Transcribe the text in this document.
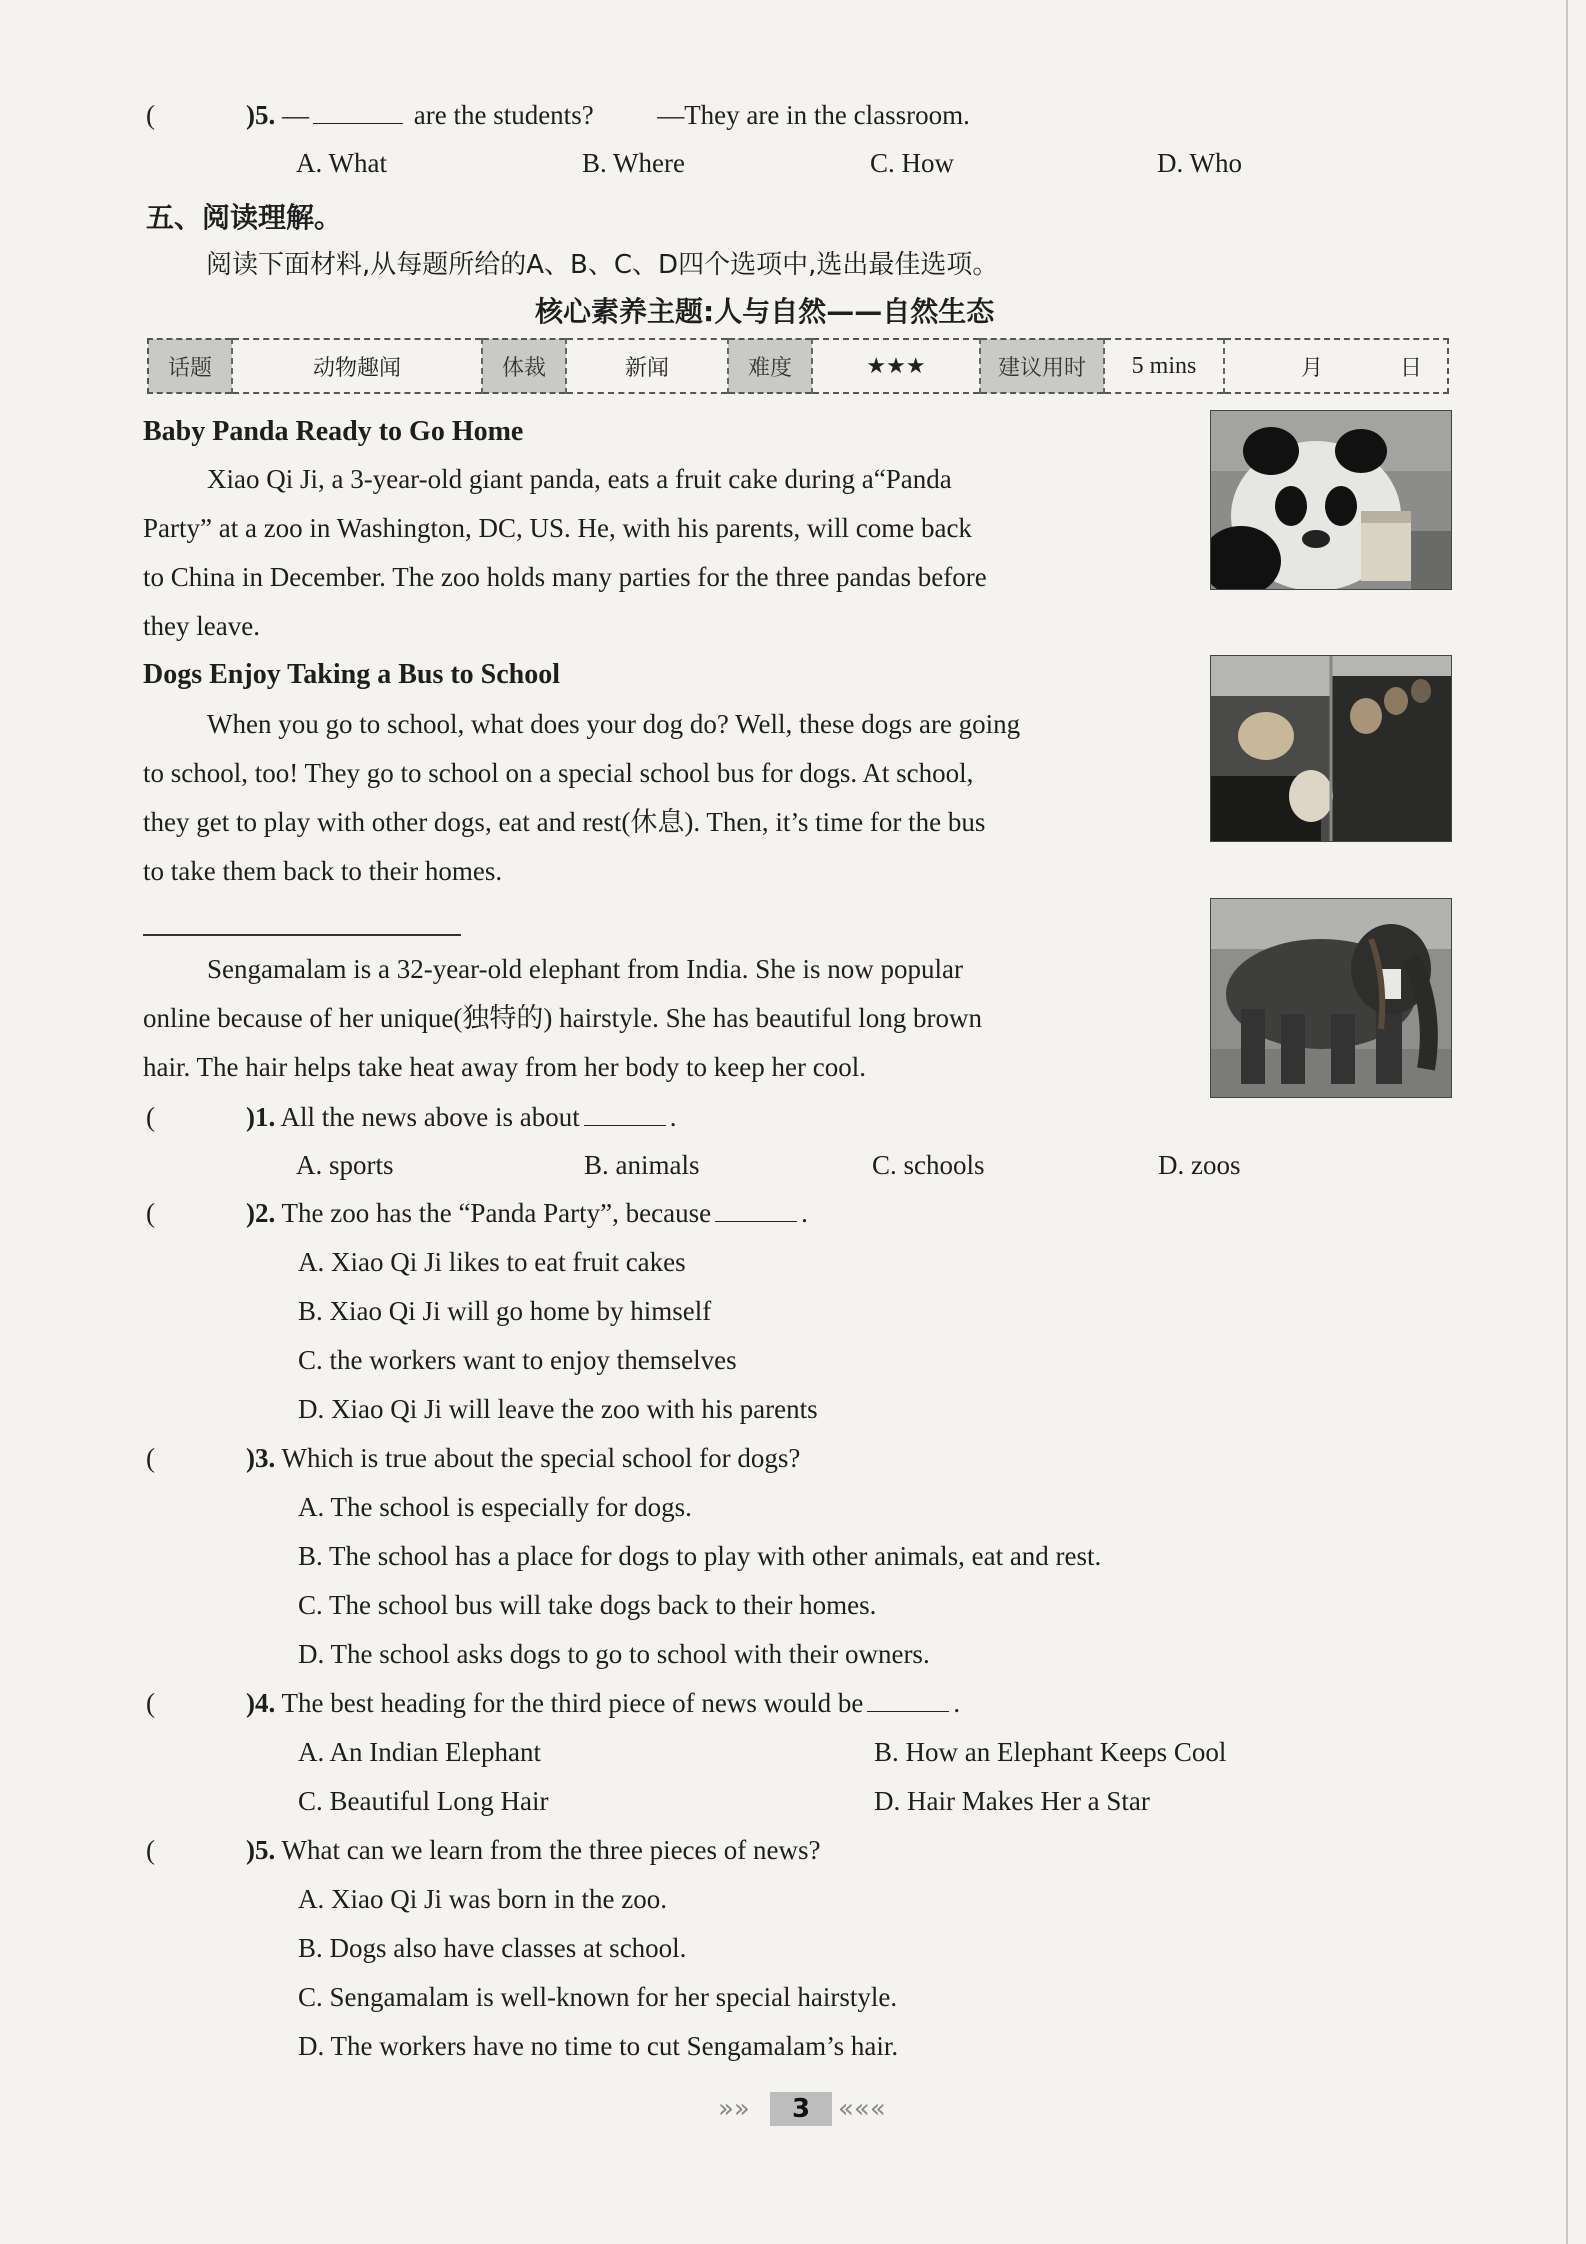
(	)5. —	are the students? —They are in the classroom.
A. What	B. Where	C. How	D. Who
五、阅读理解。
阅读下面材料,从每题所给的A、B、C、D四个选项中,选出最佳选项。
核心素养主题:人与自然——自然生态
话题	动物趣闻	体裁	新闻	难度	★★★	建议用时	5 mins	月	日
Baby Panda Ready to Go Home
Xiao Qi Ji, a 3-year-old giant panda, eats a fruit cake during a“Panda
Party” at a zoo in Washington, DC, US. He, with his parents, will come back
to China in December. The zoo holds many parties for the three pandas before
they leave.
Dogs Enjoy Taking a Bus to School
When you go to school, what does your dog do? Well, these dogs are going
to school, too! They go to school on a special school bus for dogs. At school,
they get to play with other dogs, eat and rest(休息). Then, it’s time for the bus
to take them back to their homes.
Sengamalam is a 32-year-old elephant from India. She is now popular
online because of her unique(独特的) hairstyle. She has beautiful long brown
hair. The hair helps take heat away from her body to keep her cool.
(	)1. All the news above is about	.
A. sports	B. animals	C. schools	D. zoos
(	)2. The zoo has the “Panda Party”, because	.
A. Xiao Qi Ji likes to eat fruit cakes
B. Xiao Qi Ji will go home by himself
C. the workers want to enjoy themselves
D. Xiao Qi Ji will leave the zoo with his parents
(	)3. Which is true about the special school for dogs?
A. The school is especially for dogs.
B. The school has a place for dogs to play with other animals, eat and rest.
C. The school bus will take dogs back to their homes.
D. The school asks dogs to go to school with their owners.
(	)4. The best heading for the third piece of news would be	.
A. An Indian Elephant	B. How an Elephant Keeps Cool
C. Beautiful Long Hair	D. Hair Makes Her a Star
(	)5. What can we learn from the three pieces of news?
A. Xiao Qi Ji was born in the zoo.
B. Dogs also have classes at school.
C. Sengamalam is well-known for her special hairstyle.
D. The workers have no time to cut Sengamalam’s hair.
»»	3	«««
